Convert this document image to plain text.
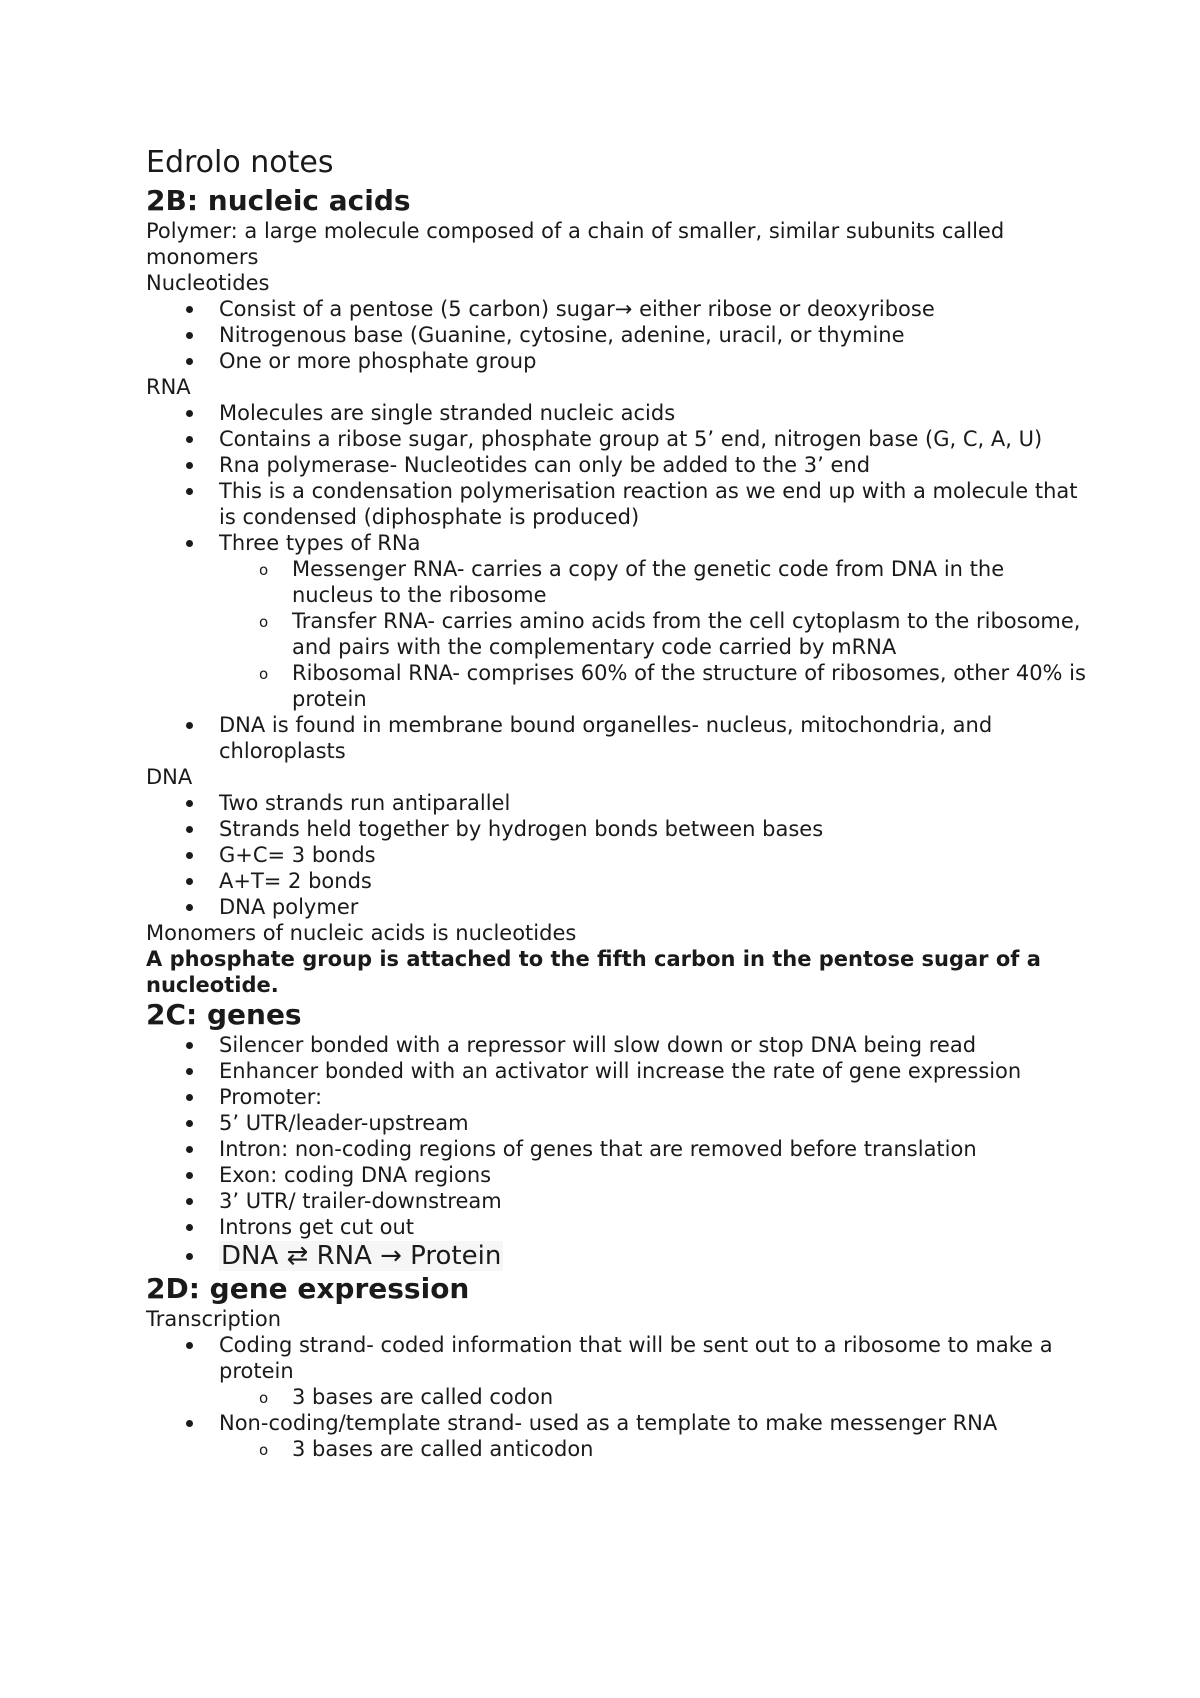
Edrolo notes
2B: nucleic acids

Polymer: a large molecule composed of a chain of smaller, similar subunits called monomers

Nucleotides

Consist of a pentose (5 carbon) sugar→ either ribose or deoxyribose
Nitrogenous base (Guanine, cytosine, adenine, uracil, or thymine
One or more phosphate group

RNA

Molecules are single stranded nucleic acids
Contains a ribose sugar, phosphate group at 5’ end, nitrogen base (G, C, A, U)
Rna polymerase- Nucleotides can only be added to the 3’ end
This is a condensation polymerisation reaction as we end up with a molecule that is condensed (diphosphate is produced)
Three types of RNa
o Messenger RNA- carries a copy of the genetic code from DNA in the nucleus to the ribosome
o Transfer RNA- carries amino acids from the cell cytoplasm to the ribosome, and pairs with the complementary code carried by mRNA
o Ribosomal RNA- comprises 60% of the structure of ribosomes, other 40% is protein
DNA is found in membrane bound organelles- nucleus, mitochondria, and chloroplasts

DNA

Two strands run antiparallel
Strands held together by hydrogen bonds between bases
G+C= 3 bonds
A+T= 2 bonds
DNA polymer

Monomers of nucleic acids is nucleotides

A phosphate group is attached to the fifth carbon in the pentose sugar of a nucleotide.

2C: genes
Silencer bonded with a repressor will slow down or stop DNA being read
Enhancer bonded with an activator will increase the rate of gene expression
Promoter:
5’ UTR/leader-upstream
Intron: non-coding regions of genes that are removed before translation
Exon: coding DNA regions
3’ UTR/ trailer-downstream
Introns get cut out
DNA ⇄ RNA → Protein
2D: gene expression

Transcription

Coding strand- coded information that will be sent out to a ribosome to make a protein
o 3 bases are called codon
Non-coding/template strand- used as a template to make messenger RNA
o 3 bases are called anticodon
